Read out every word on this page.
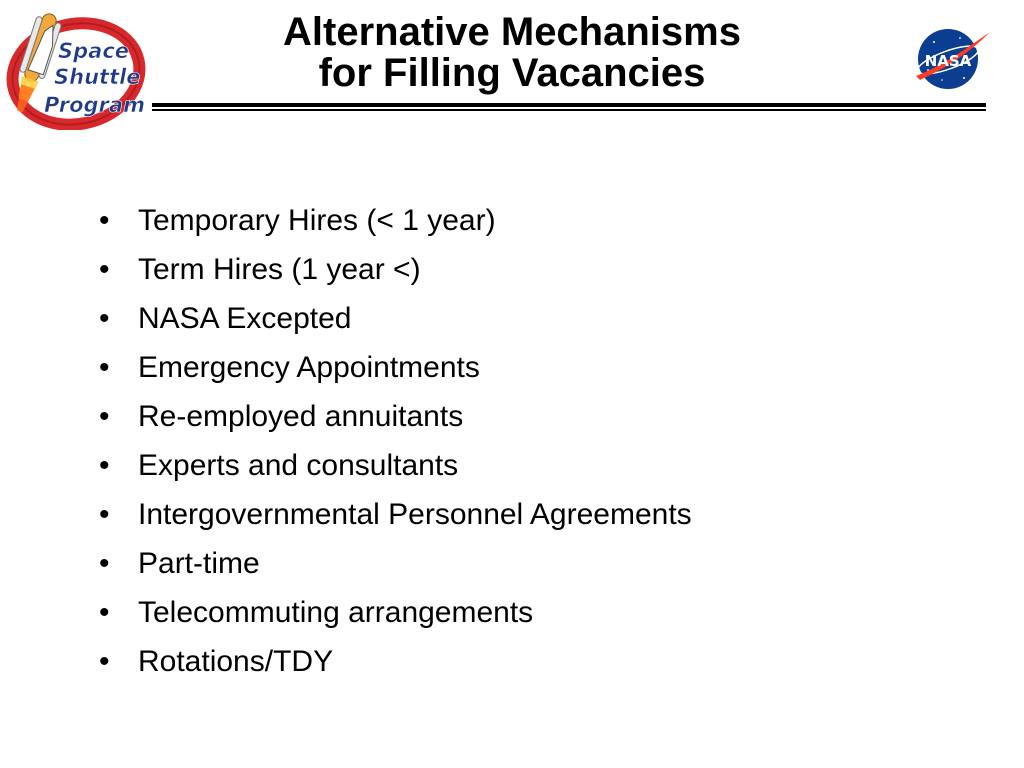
Space
Shuttle
Program
Alternative Mechanisms
for Filling Vacancies	NASA
• Temporary Hires (< 1 year)
• Term Hires (1 year <)
• NASA Excepted
• Emergency Appointments
• Re-employed annuitants
• Experts and consultants
• Intergovernmental Personnel Agreements
• Part-time
• Telecommuting arrangements
• Rotations/TDY
